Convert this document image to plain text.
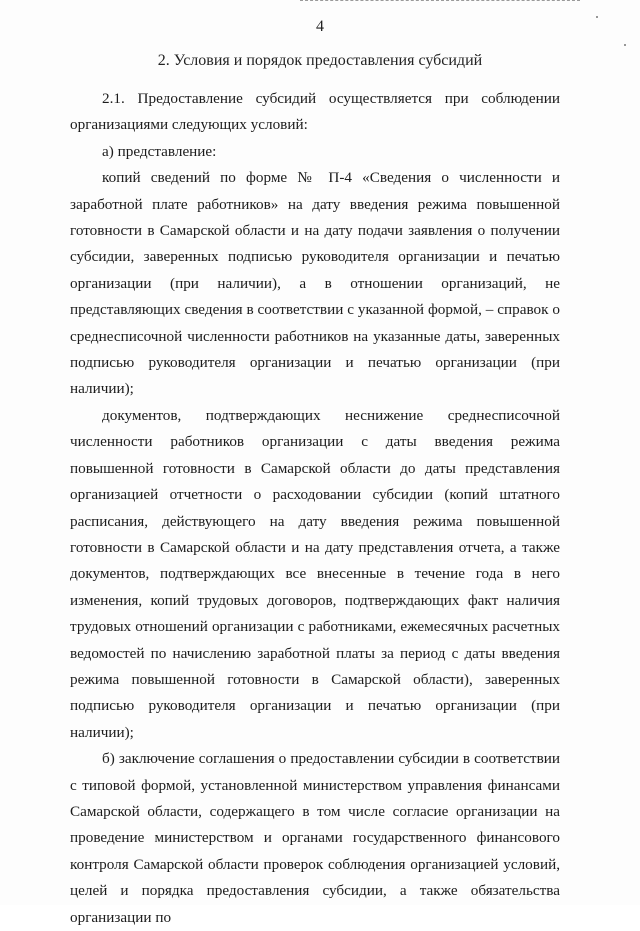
4
2. Условия и порядок предоставления субсидий

2.1. Предоставление субсидий осуществляется при соблюдении организациями следующих условий:

а) представление:

копий сведений по форме № П-4 «Сведения о численности и заработной плате работников» на дату введения режима повышенной готовности в Самарской области и на дату подачи заявления о получении субсидии, заверенных подписью руководителя организации и печатью организации (при наличии), а в отношении организаций, не представляющих сведения в соответствии с указанной формой, – справок о среднесписочной численности работников на указанные даты, заверенных подписью руководителя организации и печатью организации (при наличии);

документов, подтверждающих неснижение среднесписочной численности работников организации с даты введения режима повышенной готовности в Самарской области до даты представления организацией отчетности о расходовании субсидии (копий штатного расписания, действующего на дату введения режима повышенной готовности в Самарской области и на дату представления отчета, а также документов, подтверждающих все внесенные в течение года в него изменения, копий трудовых договоров, подтверждающих факт наличия трудовых отношений организации с работниками, ежемесячных расчетных ведомостей по начислению заработной платы за период с даты введения режима повышенной готовности в Самарской области), заверенных подписью руководителя организации и печатью организации (при наличии);

б) заключение соглашения о предоставлении субсидии в соответствии с типовой формой, установленной министерством управления финансами Самарской области, содержащего в том числе согласие организации на проведение министерством и органами государственного финансового контроля Самарской области проверок соблюдения организацией условий, целей и порядка предоставления субсидии, а также обязательства организации по
